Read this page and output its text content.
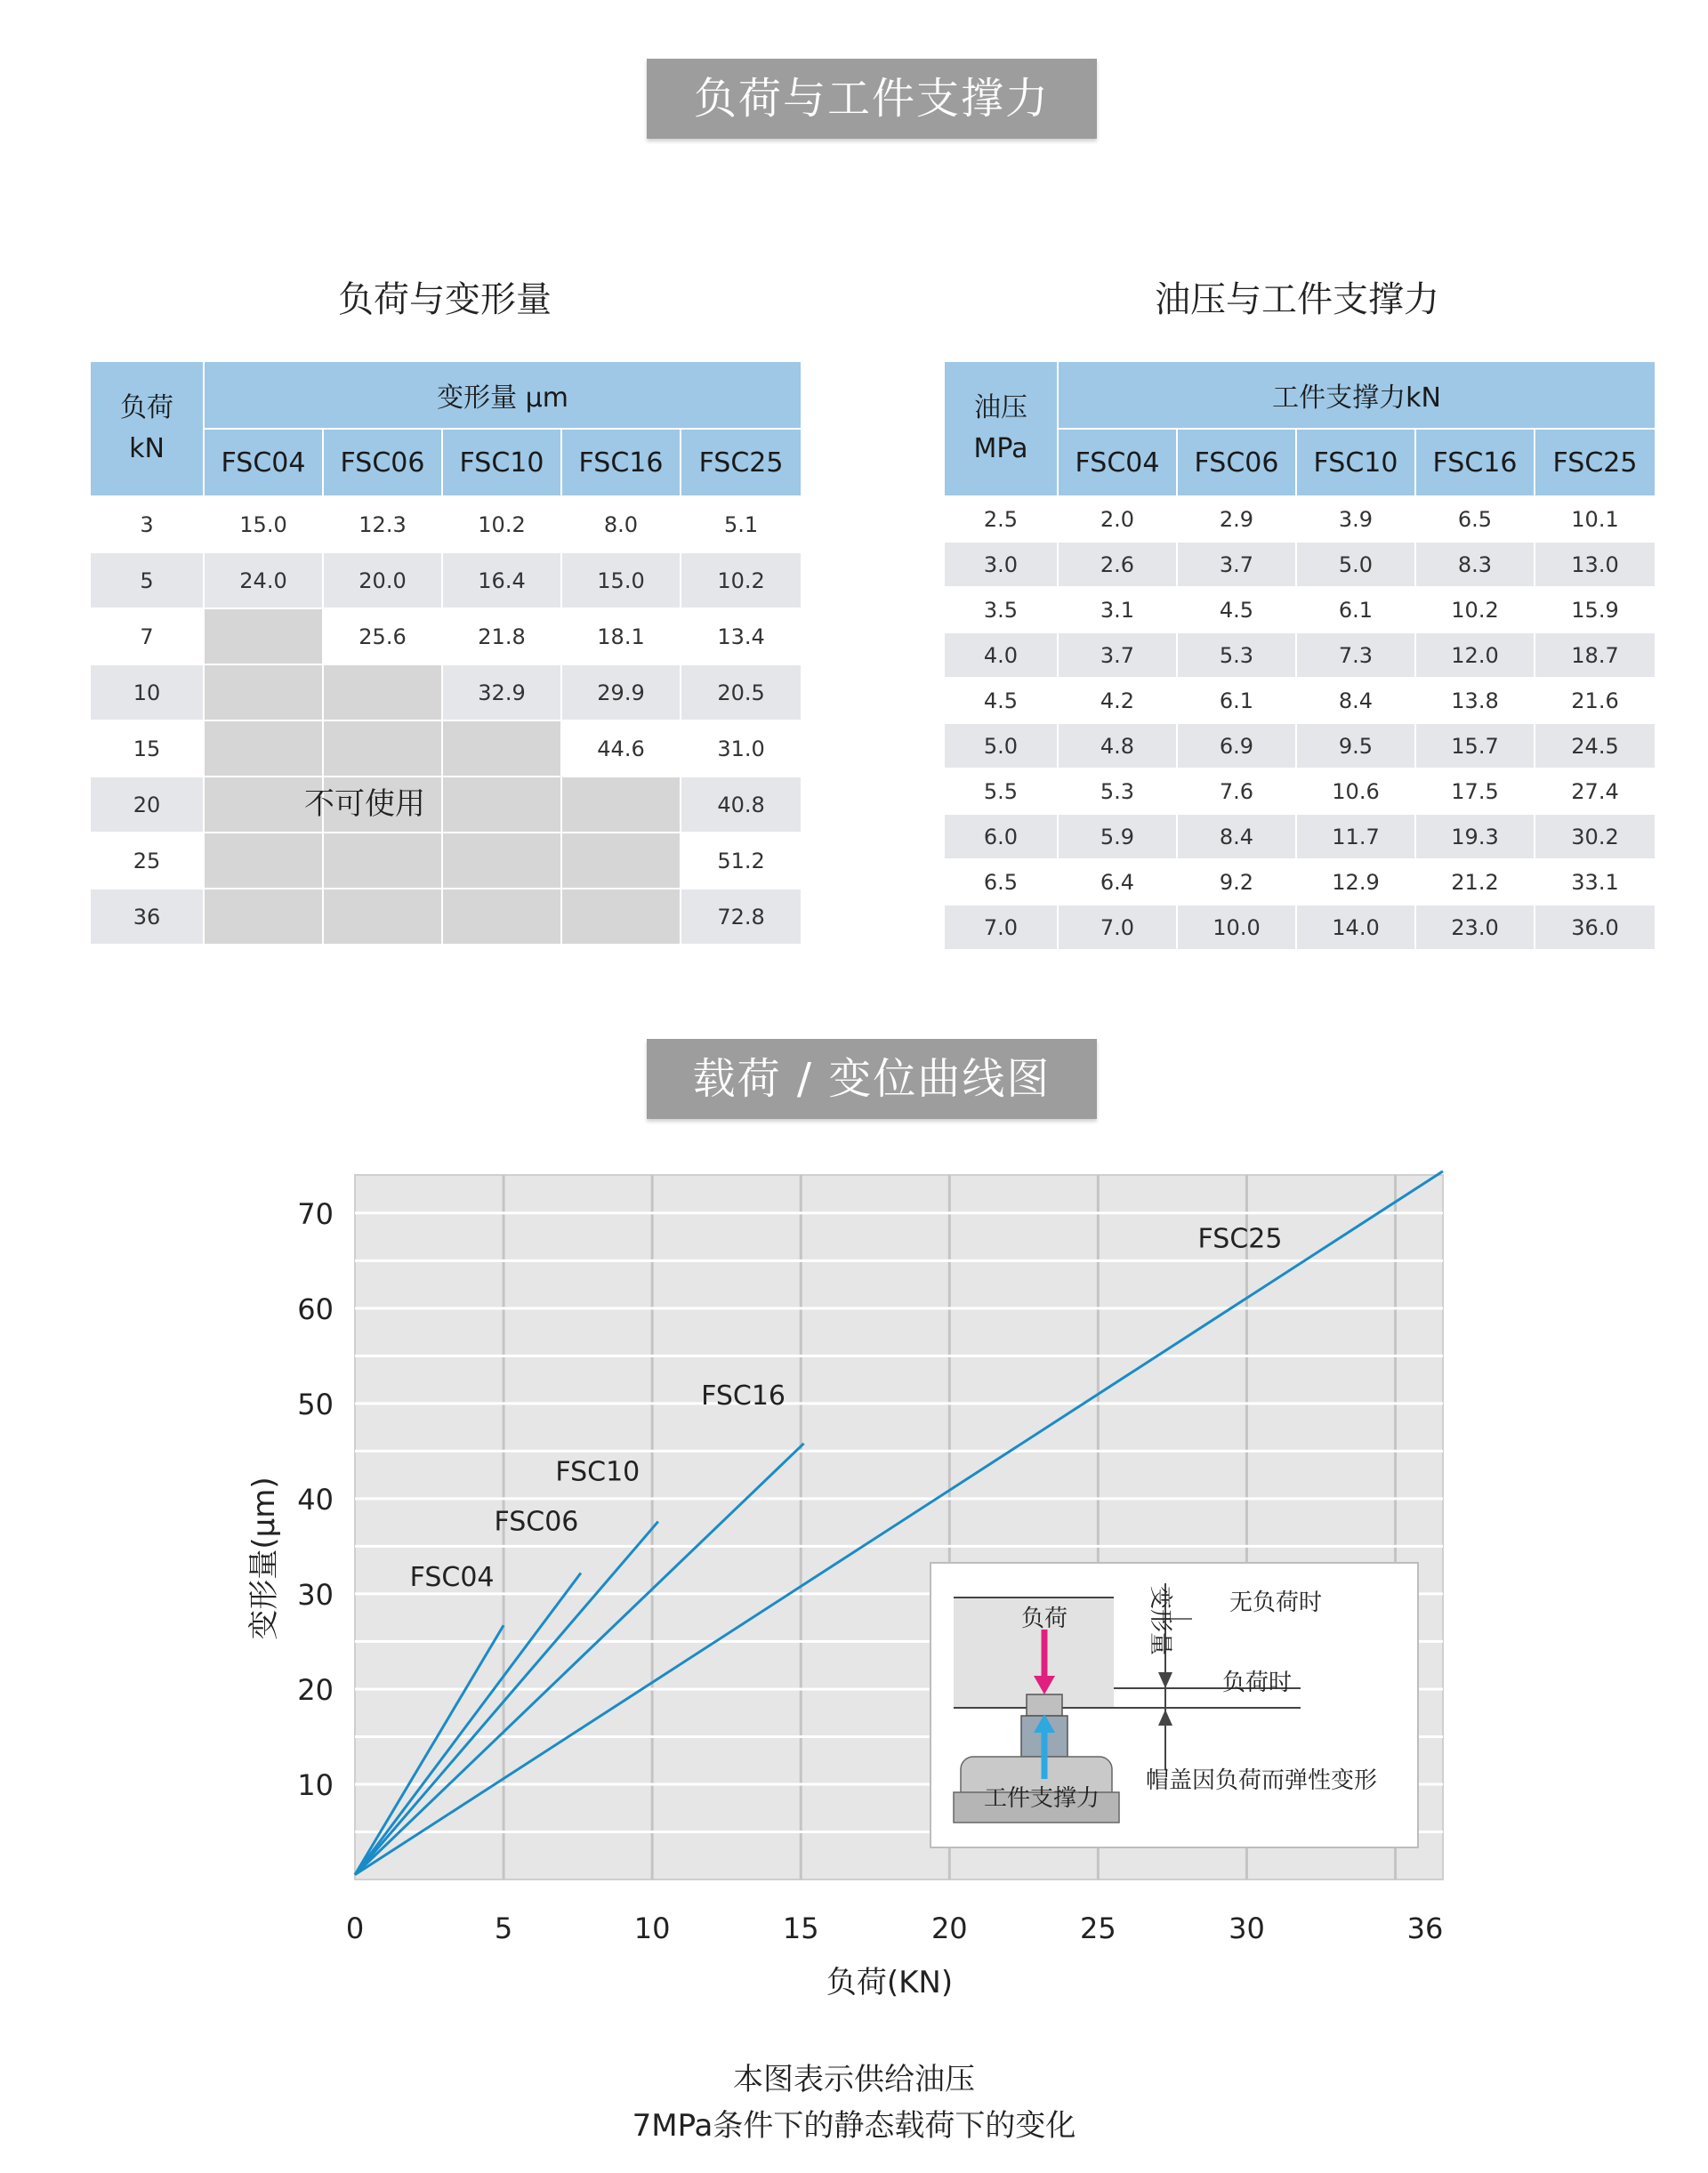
负荷与工件支撑力
负荷与变形量	油压与工件支撑力
负荷
kN	变形量 μm				
	FSC04	FSC06	FSC10	FSC16	FSC25
3	15.0	12.3	10.2	8.0	5.1
5	24.0	20.0	16.4	15.0	10.2
7		25.6	21.8	18.1	13.4
10			32.9	29.9	20.5
15				44.6	31.0
20					40.8
25					51.2
36					72.8
不可使用
油压
MPa	工件支撑力kN				
	FSC04	FSC06	FSC10	FSC16	FSC25
2.5	2.0	2.9	3.9	6.5	10.1
3.0	2.6	3.7	5.0	8.3	13.0
3.5	3.1	4.5	6.1	10.2	15.9
4.0	3.7	5.3	7.3	12.0	18.7
4.5	4.2	6.1	8.4	13.8	21.6
5.0	4.8	6.9	9.5	15.7	24.5
5.5	5.3	7.6	10.6	17.5	27.4
6.0	5.9	8.4	11.7	19.3	30.2
6.5	6.4	9.2	12.9	21.2	33.1
7.0	7.0	10.0	14.0	23.0	36.0
载荷 / 变位曲线图
0	5	10	15	20	25	30	36
10
20
30
40
50
60
70
FSC04
FSC06
FSC10
FSC16
FSC25
负荷(KN)
变形量(μm)	负荷	变形量 无负荷时
负荷时
工件支撑力
帽盖因负荷而弹性变形
本图表示供给油压
7MPa条件下的静态载荷下的变化
